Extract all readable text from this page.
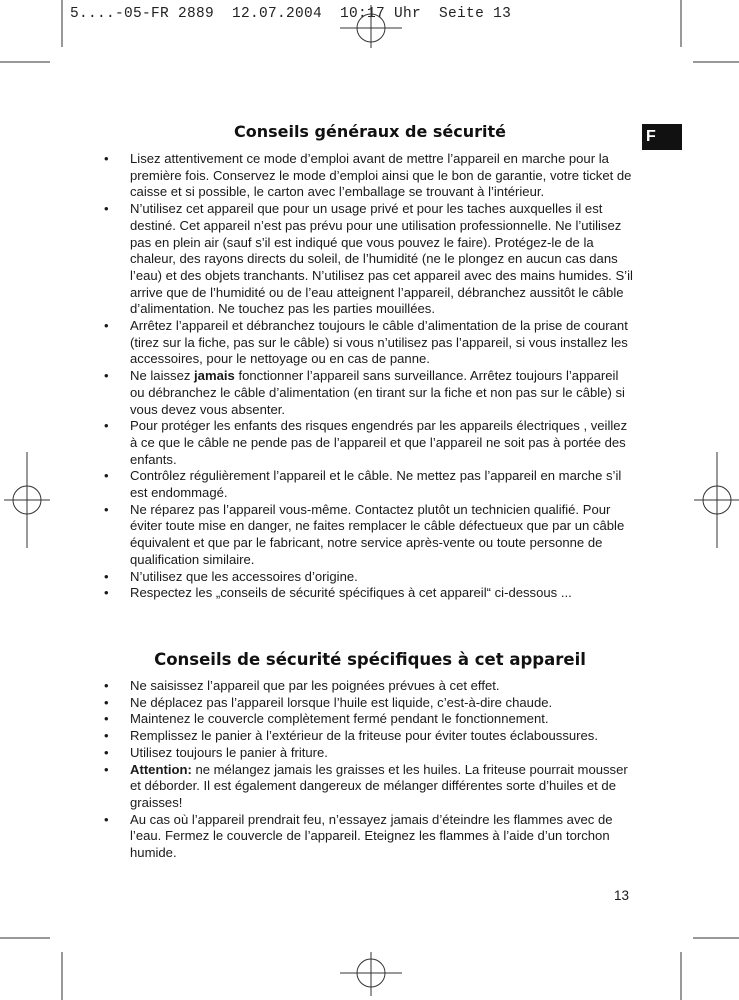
5....-05-FR 2889  12.07.2004  10:17 Uhr  Seite 13
F
Conseils généraux de sécurité
• Lisez attentivement ce mode d’emploi avant de mettre l’appareil en marche pour la première fois. Conservez le mode d’emploi ainsi que le bon de garantie, votre ticket de caisse et si possible, le carton avec l’emballage se trouvant à l’intérieur.
• N’utilisez cet appareil que pour un usage privé et pour les taches auxquelles il est destiné. Cet appareil n’est pas prévu pour une utilisation professionnelle. Ne l’utilisez pas en plein air (sauf s’il est indiqué que vous pouvez le faire). Protégez-le de la chaleur, des rayons directs du soleil, de l’humidité (ne le plongez en aucun cas dans l’eau) et des objets tranchants. N’utilisez pas cet appareil avec des mains humides. S’il arrive que de l’humidité ou de l’eau atteignent l’appareil, débranchez aussitôt le câble d’alimentation. Ne touchez pas les parties mouillées.
• Arrêtez l’appareil et débranchez toujours le câble d’alimentation de la prise de courant (tirez sur la fiche, pas sur le câble) si vous n’utilisez pas l’appareil, si vous installez les accessoires, pour le nettoyage ou en cas de panne.
• Ne laissez jamais fonctionner l’appareil sans surveillance. Arrêtez toujours l’appareil ou débranchez le câble d’alimentation (en tirant sur la fiche et non pas sur le câble) si vous devez vous absenter.
• Pour protéger les enfants des risques engendrés par les appareils électriques , veillez à ce que le câble ne pende pas de l’appareil et que l’appareil ne soit pas à portée des enfants.
• Contrôlez régulièrement l’appareil et le câble. Ne mettez pas l’appareil en marche s’il est endommagé.
• Ne réparez pas l’appareil vous-même. Contactez plutôt un technicien qualifié. Pour éviter toute mise en danger, ne faites remplacer le câble défectueux que par un câble équivalent et que par le fabricant, notre service après-vente ou toute personne de qualification similaire.
• N’utilisez que les accessoires d’origine.
• Respectez les „conseils de sécurité spécifiques à cet appareil“ ci-dessous ...
Conseils de sécurité spécifiques à cet appareil
• Ne saisissez l’appareil que par les poignées prévues à cet effet.
• Ne déplacez pas l’appareil lorsque l’huile est liquide, c’est-à-dire chaude.
• Maintenez le couvercle complètement fermé pendant le fonctionnement.
• Remplissez le panier à l’extérieur de la friteuse pour éviter toutes éclaboussures.
• Utilisez toujours le panier à friture.
• Attention: ne mélangez jamais les graisses et les huiles. La friteuse pourrait mousser et déborder. Il est également dangereux de mélanger différentes sorte d’huiles et de graisses!
• Au cas où l’appareil prendrait feu, n’essayez jamais d’éteindre les flammes avec de l’eau. Fermez le couvercle de l’appareil. Eteignez les flammes à l’aide d’un torchon humide.
13
